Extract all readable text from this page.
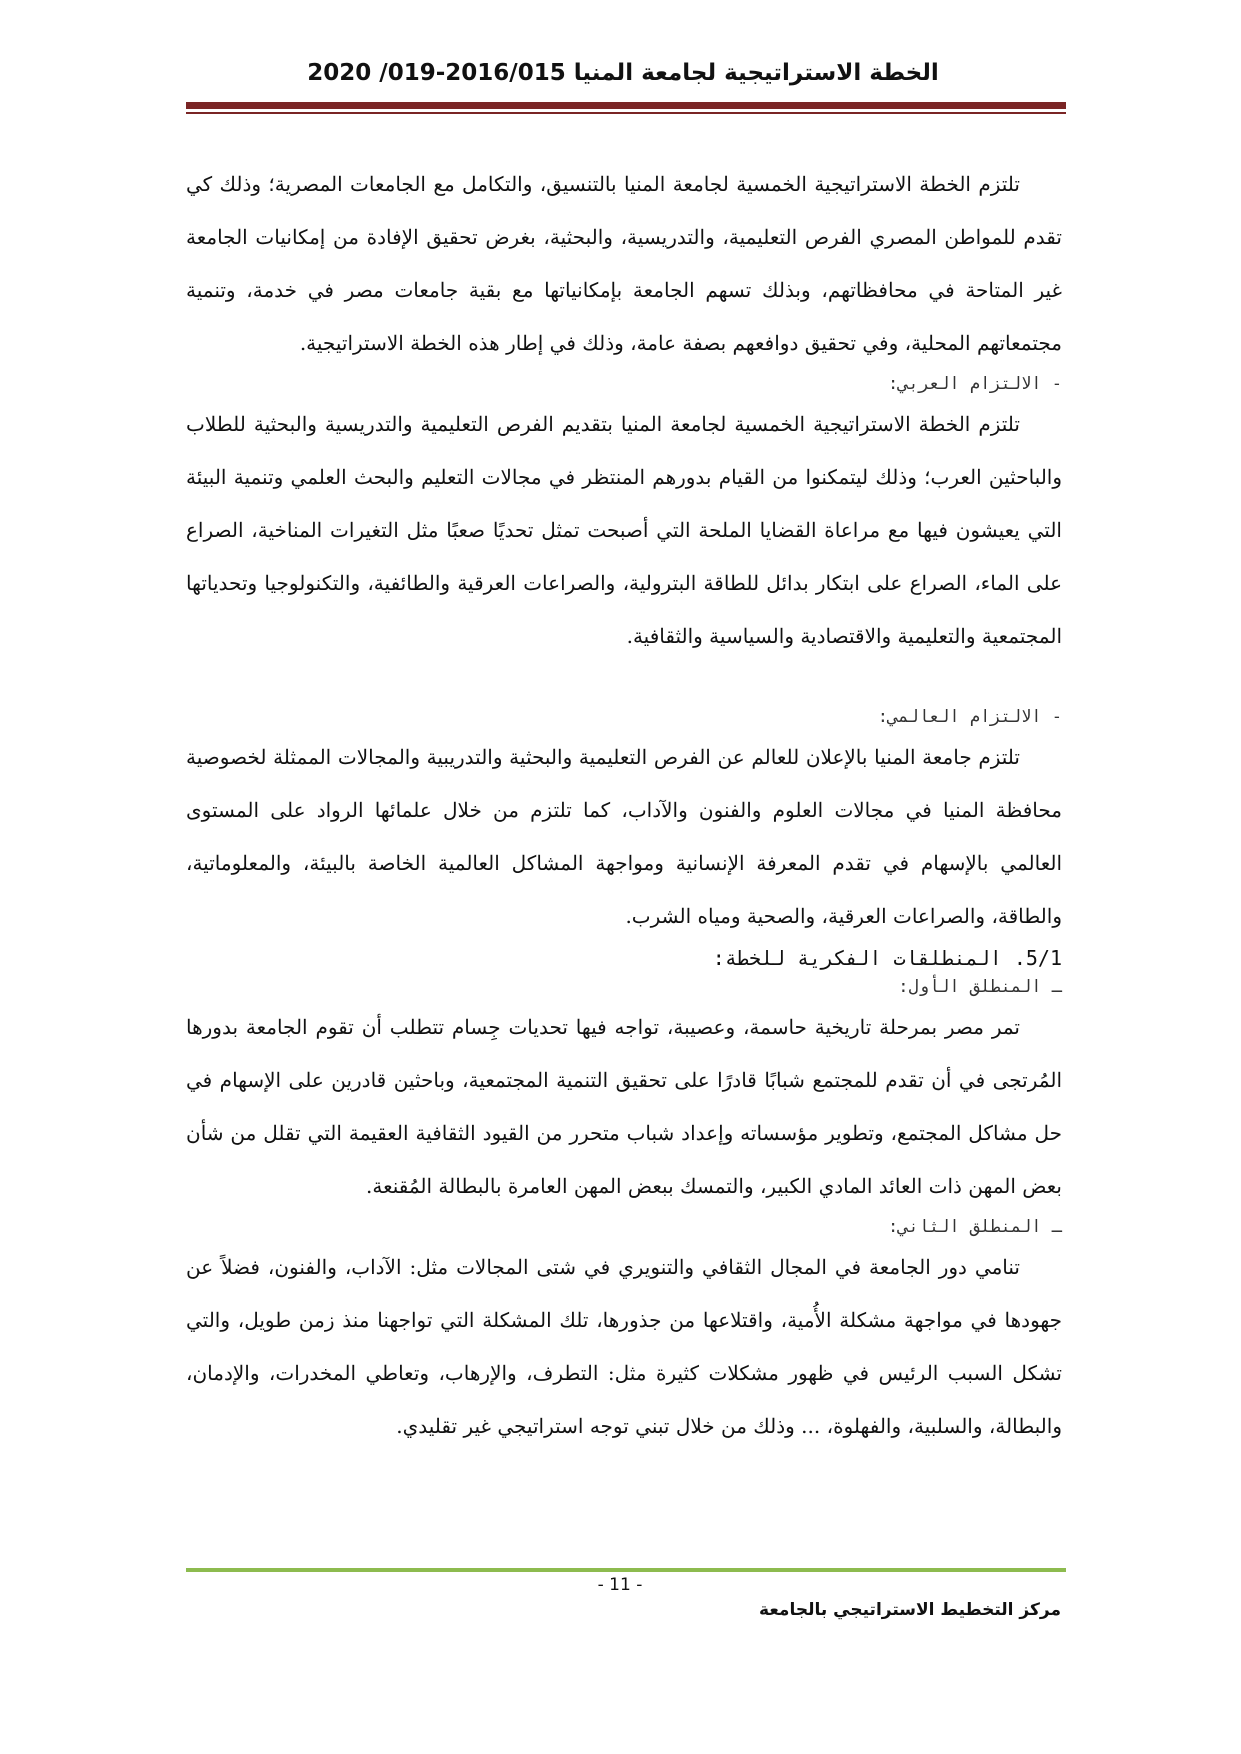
الخطة الاستراتيجية لجامعة المنيا 2016/015-019/ 2020

تلتزم الخطة الاستراتيجية الخمسية لجامعة المنيا بالتنسيق، والتكامل مع الجامعات المصرية؛ وذلك كي تقدم للمواطن المصري الفرص التعليمية، والتدريسية، والبحثية، بغرض تحقيق الإفادة من إمكانيات الجامعة غير المتاحة في محافظاتهم، وبذلك تسهم الجامعة بإمكانياتها مع بقية جامعات مصر في خدمة، وتنمية مجتمعاتهم المحلية، وفي تحقيق دوافعهم بصفة عامة، وذلك في إطار هذه الخطة الاستراتيجية.

- الالتزام العربي:

تلتزم الخطة الاستراتيجية الخمسية لجامعة المنيا بتقديم الفرص التعليمية والتدريسية والبحثية للطلاب والباحثين العرب؛ وذلك ليتمكنوا من القيام بدورهم المنتظر في مجالات التعليم والبحث العلمي وتنمية البيئة التي يعيشون فيها مع مراعاة القضايا الملحة التي أصبحت تمثل تحديًا صعبًا مثل التغيرات المناخية، الصراع على الماء، الصراع على ابتكار بدائل للطاقة البترولية، والصراعات العرقية والطائفية، والتكنولوجيا وتحدياتها المجتمعية والتعليمية والاقتصادية والسياسية والثقافية.

- الالتزام العالمي:

تلتزم جامعة المنيا بالإعلان للعالم عن الفرص التعليمية والبحثية والتدريبية والمجالات الممثلة لخصوصية محافظة المنيا في مجالات العلوم والفنون والآداب، كما تلتزم من خلال علمائها الرواد على المستوى العالمي بالإسهام في تقدم المعرفة الإنسانية ومواجهة المشاكل العالمية الخاصة بالبيئة، والمعلوماتية، والطاقة، والصراعات العرقية، والصحية ومياه الشرب.

5/1. المنطلقات الفكرية للخطة:

ـ المنطلق الأول:

تمر مصر بمرحلة تاريخية حاسمة، وعصيبة، تواجه فيها تحديات جِسام تتطلب أن تقوم الجامعة بدورها المُرتجى في أن تقدم للمجتمع شبابًا قادرًا على تحقيق التنمية المجتمعية، وباحثين قادرين على الإسهام في حل مشاكل المجتمع، وتطوير مؤسساته وإعداد شباب متحرر من القيود الثقافية العقيمة التي تقلل من شأن بعض المهن ذات العائد المادي الكبير، والتمسك ببعض المهن العامرة بالبطالة المُقنعة.

ـ المنطلق الثاني:

تنامي دور الجامعة في المجال الثقافي والتنويري في شتى المجالات مثل: الآداب، والفنون، فضلاً عن جهودها في مواجهة مشكلة الأُمية، واقتلاعها من جذورها، تلك المشكلة التي تواجهنا منذ زمن طويل، والتي تشكل السبب الرئيس في ظهور مشكلات كثيرة مثل: التطرف، والإرهاب، وتعاطي المخدرات، والإدمان، والبطالة، والسلبية، والفهلوة، ... وذلك من خلال تبني توجه استراتيجي غير تقليدي.

- 11 -
مركز التخطيط الاستراتيجي بالجامعة
